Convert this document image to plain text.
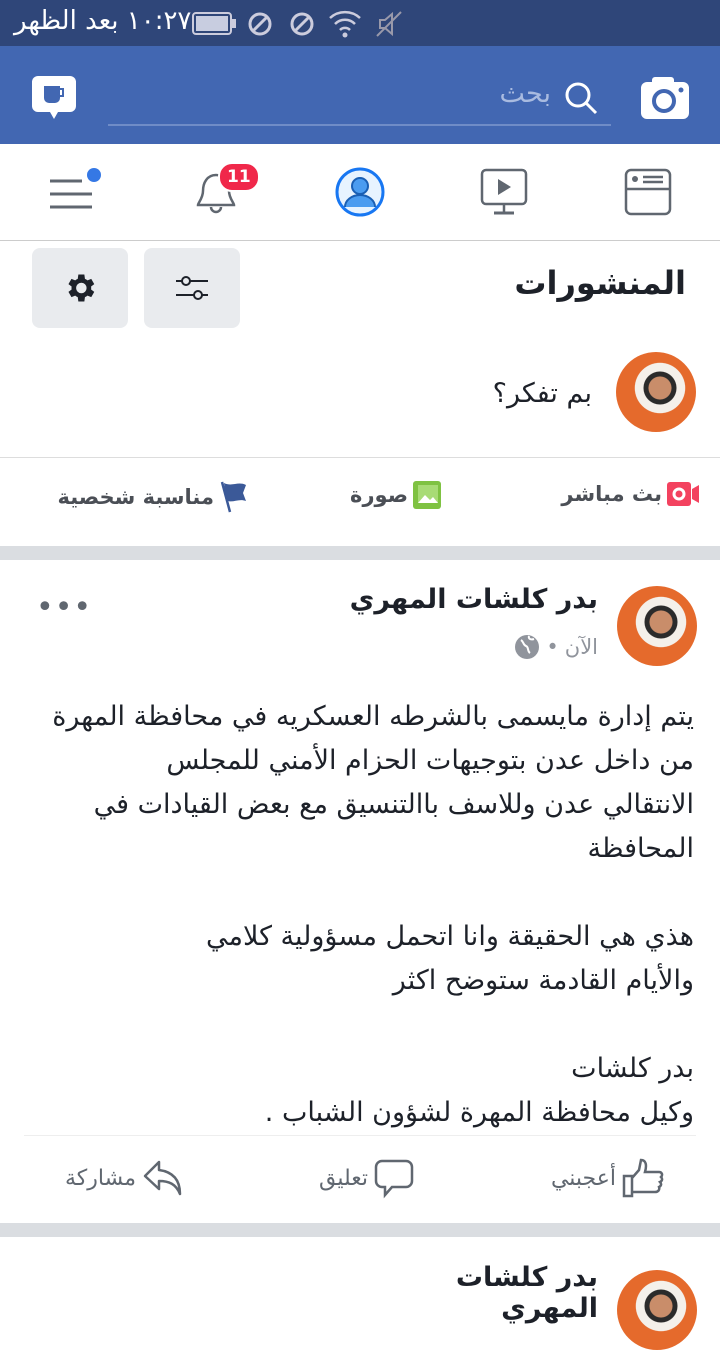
١٠:٢٧ بعد الظهر
بحث
11
المنشورات
بم تفكر؟
بث مباشر
صورة
مناسبة شخصية
بدر كلشات المهري
الآن
•
•••
يتم إدارة مايسمى بالشرطه العسكريه في محافظة المهرة
من داخل عدن بتوجيهات الحزام الأمني للمجلس
الانتقالي عدن وللاسف باالتنسيق مع بعض القيادات في
المحافظة
هذي هي الحقيقة وانا اتحمل مسؤولية كلامي
والأيام القادمة ستوضح اكثر
بدر كلشات
وكيل محافظة المهرة لشؤون الشباب .
أعجبني
تعليق
مشاركة
بدر كلشات المهري
